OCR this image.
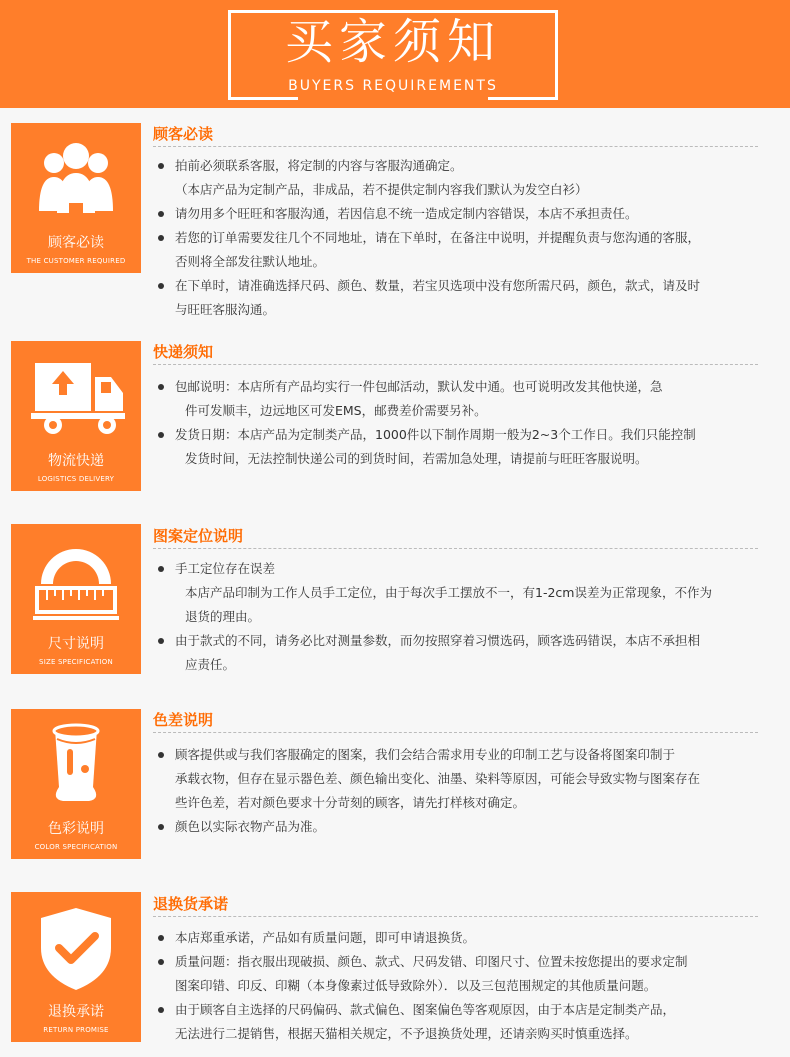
买家须知
BUYERS REQUIREMENTS
顾客必读
THE CUSTOMER REQUIRED
顾客必读
拍前必须联系客服，将定制的内容与客服沟通确定。
（本店产品为定制产品，非成品，若不提供定制内容我们默认为发空白衫）
请勿用多个旺旺和客服沟通，若因信息不统一造成定制内容错误，本店不承担责任。
若您的订单需要发往几个不同地址，请在下单时，在备注中说明，并提醒负责与您沟通的客服，
否则将全部发往默认地址。
在下单时，请准确选择尺码、颜色、数量，若宝贝选项中没有您所需尺码，颜色，款式，请及时
与旺旺客服沟通。
物流快递
LOGISTICS DELIVERY
快递须知
包邮说明：本店所有产品均实行一件包邮活动，默认发中通。也可说明改发其他快递，急
件可发顺丰，边远地区可发EMS，邮费差价需要另补。
发货日期：本店产品为定制类产品，1000件以下制作周期一般为2~3个工作日。我们只能控制
发货时间，无法控制快递公司的到货时间，若需加急处理，请提前与旺旺客服说明。
尺寸说明
SIZE SPECIFICATION
图案定位说明
手工定位存在误差
本店产品印制为工作人员手工定位，由于每次手工摆放不一，有1-2cm误差为正常现象，不作为
退货的理由。
由于款式的不同，请务必比对测量参数，而勿按照穿着习惯选码，顾客选码错误，本店不承担相
应责任。
色彩说明
COLOR SPECIFICATION
色差说明
顾客提供或与我们客服确定的图案，我们会结合需求用专业的印制工艺与设备将图案印制于
承载衣物，但存在显示器色差、颜色输出变化、油墨、染料等原因，可能会导致实物与图案存在
些许色差，若对颜色要求十分苛刻的顾客，请先打样核对确定。
颜色以实际衣物产品为准。
退换承诺
RETURN PROMISE
退换货承诺
本店郑重承诺，产品如有质量问题，即可申请退换货。
质量问题：指衣服出现破损、颜色、款式、尺码发错、印图尺寸、位置未按您提出的要求定制
图案印错、印反、印糊（本身像素过低导致除外）．以及三包范围规定的其他质量问题。
由于顾客自主选择的尺码偏码、款式偏色、图案偏色等客观原因，由于本店是定制类产品，
无法进行二提销售，根据天猫相关规定，不予退换货处理，还请亲购买时慎重选择。
